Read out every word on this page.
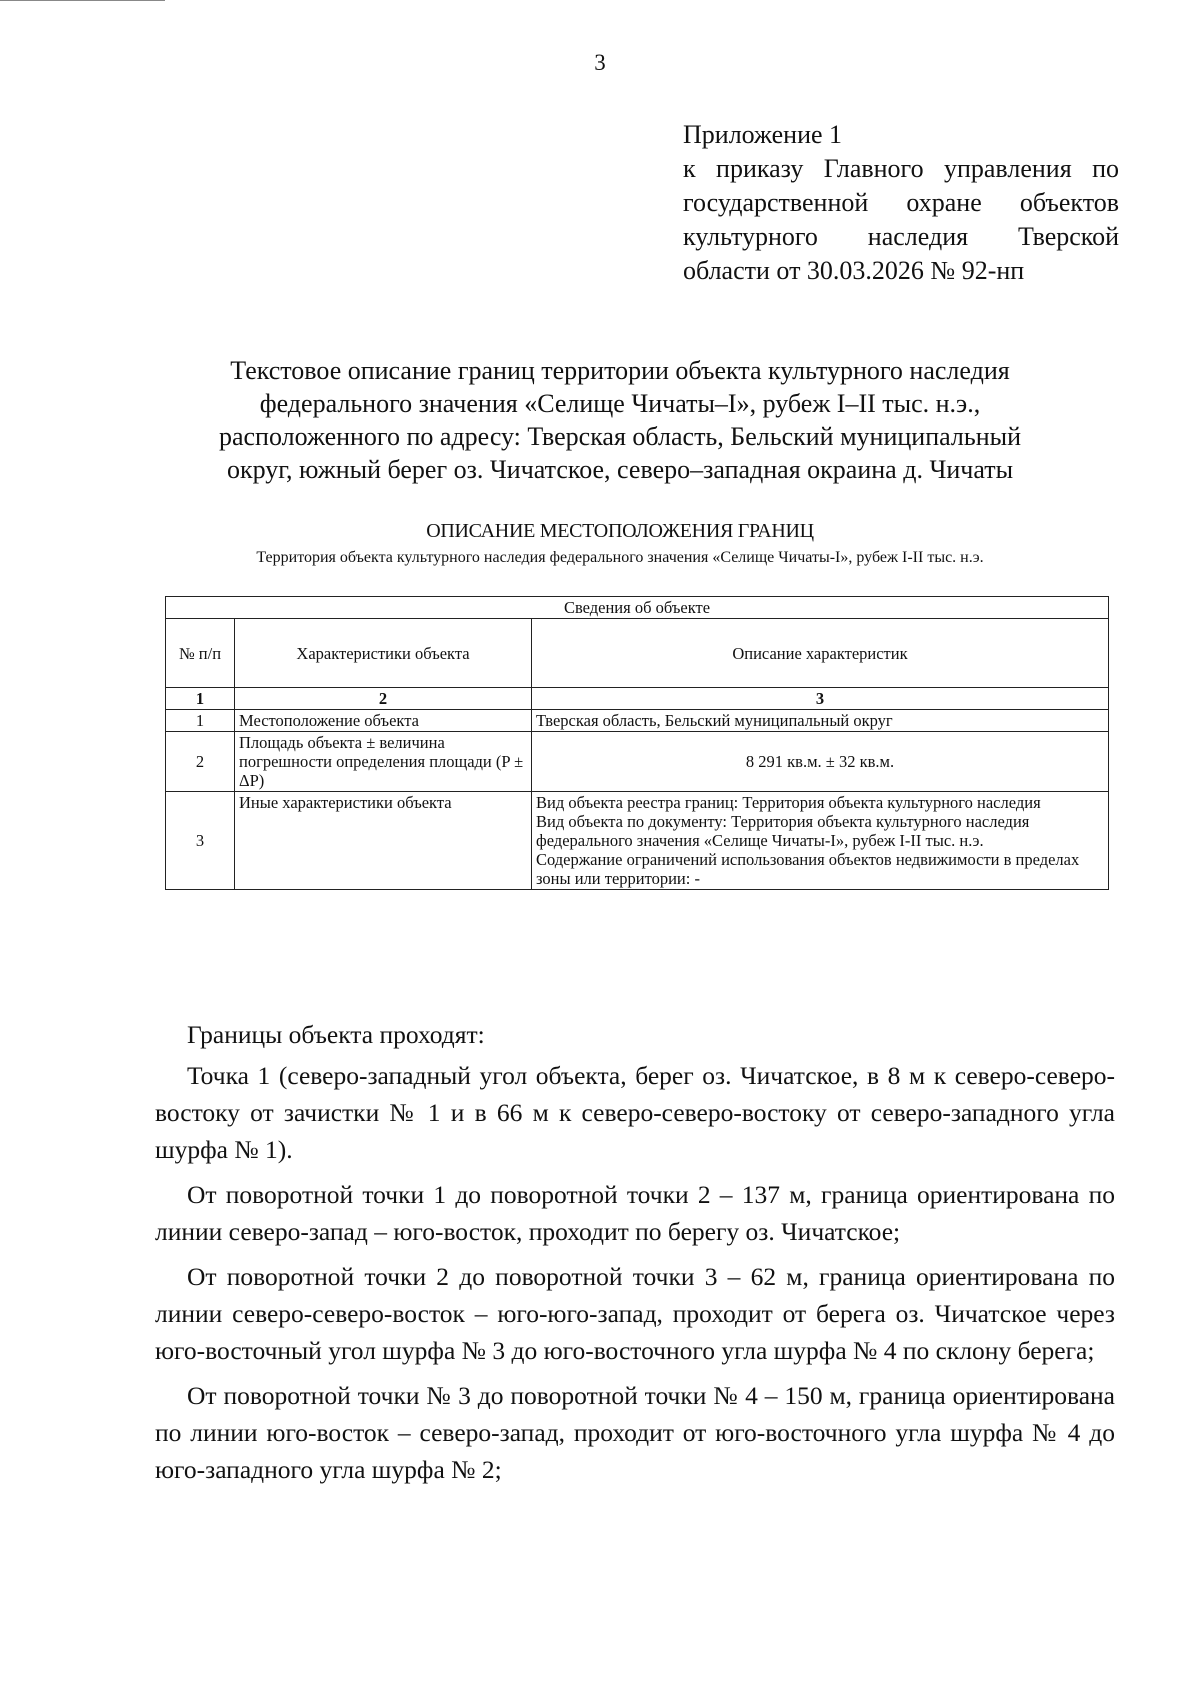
3
Приложение 1
к приказу Главного управления по
государственной охране объектов
культурного наследия Тверской
области от 30.03.2026 № 92-нп
Текстовое описание границ территории объекта культурного наследия
федерального значения «Селище Чичаты–I», рубеж I–II тыс. н.э.,
расположенного по адресу: Тверская область, Бельский муниципальный
округ, южный берег оз. Чичатское, северо–западная окраина д. Чичаты
ОПИСАНИЕ МЕСТОПОЛОЖЕНИЯ ГРАНИЦ
Территория объекта культурного наследия федерального значения «Селище Чичаты-I», рубеж I-II тыс. н.э.
Сведения об объекте		
№ п/п	Характеристики объекта	Описание характеристик
1	2	3
1	Местоположение объекта	Тверская область, Бельский муниципальный округ
2	Площадь объекта ± величина погрешности определения площади (P ± ΔP)	8 291 кв.м. ± 32 кв.м.
3	Иные характеристики объекта	Вид объекта реестра границ: Территория объекта культурного наследия
Вид объекта по документу: Территория объекта культурного наследия федерального значения «Селище Чичаты-I», рубеж I-II тыс. н.э.
Содержание ограничений использования объектов недвижимости в пределах зоны или территории: -

Границы объекта проходят:

Точка 1 (северо-западный угол объекта, берег оз. Чичатское, в 8 м к северо-северо-востоку от зачистки № 1 и в 66 м к северо-северо-востоку от северо-западного угла шурфа № 1).

От поворотной точки 1 до поворотной точки 2 – 137 м, граница ориентирована по линии северо-запад – юго-восток, проходит по берегу оз. Чичатское;

От поворотной точки 2 до поворотной точки 3 – 62 м, граница ориентирована по линии северо-северо-восток – юго-юго-запад, проходит от берега оз. Чичатское через юго-восточный угол шурфа № 3 до юго-восточного угла шурфа № 4 по склону берега;

От поворотной точки № 3 до поворотной точки № 4 – 150 м, граница ориентирована по линии юго-восток – северо-запад, проходит от юго-восточного угла шурфа № 4 до юго-западного угла шурфа № 2;
